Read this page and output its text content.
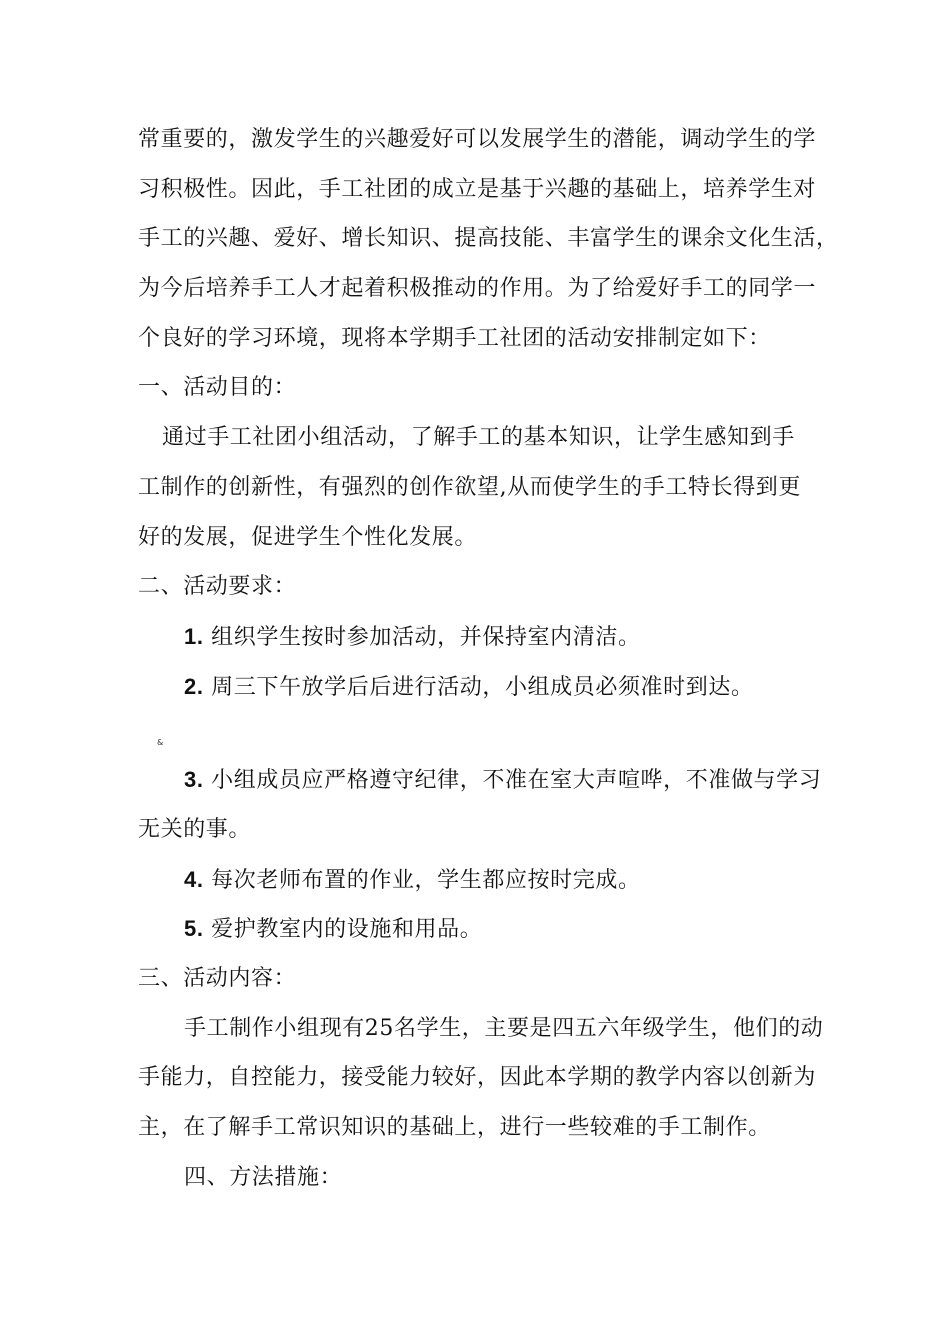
常重要的，激发学生的兴趣爱好可以发展学生的潜能，调动学生的学
习积极性。因此，手工社团的成立是基于兴趣的基础上，培养学生对
手工的兴趣、爱好、增长知识、提高技能、丰富学生的课余文化生活，
为今后培养手工人才起着积极推动的作用。为了给爱好手工的同学一
个良好的学习环境，现将本学期手工社团的活动安排制定如下：
一、活动目的：
通过手工社团小组活动，了解手工的基本知识，让学生感知到手
工制作的创新性，有强烈的创作欲望,从而使学生的手工特长得到更
好的发展，促进学生个性化发展。
二、活动要求：
1. 组织学生按时参加活动，并保持室内清洁。
2. 周三下午放学后后进行活动，小组成员必须准时到达。
&
3. 小组成员应严格遵守纪律，不准在室大声喧哗，不准做与学习
无关的事。
4. 每次老师布置的作业，学生都应按时完成。
5. 爱护教室内的设施和用品。
三、活动内容：
手工制作小组现有25名学生，主要是四五六年级学生，他们的动
手能力，自控能力，接受能力较好，因此本学期的教学内容以创新为
主，在了解手工常识知识的基础上，进行一些较难的手工制作。
四、方法措施：
